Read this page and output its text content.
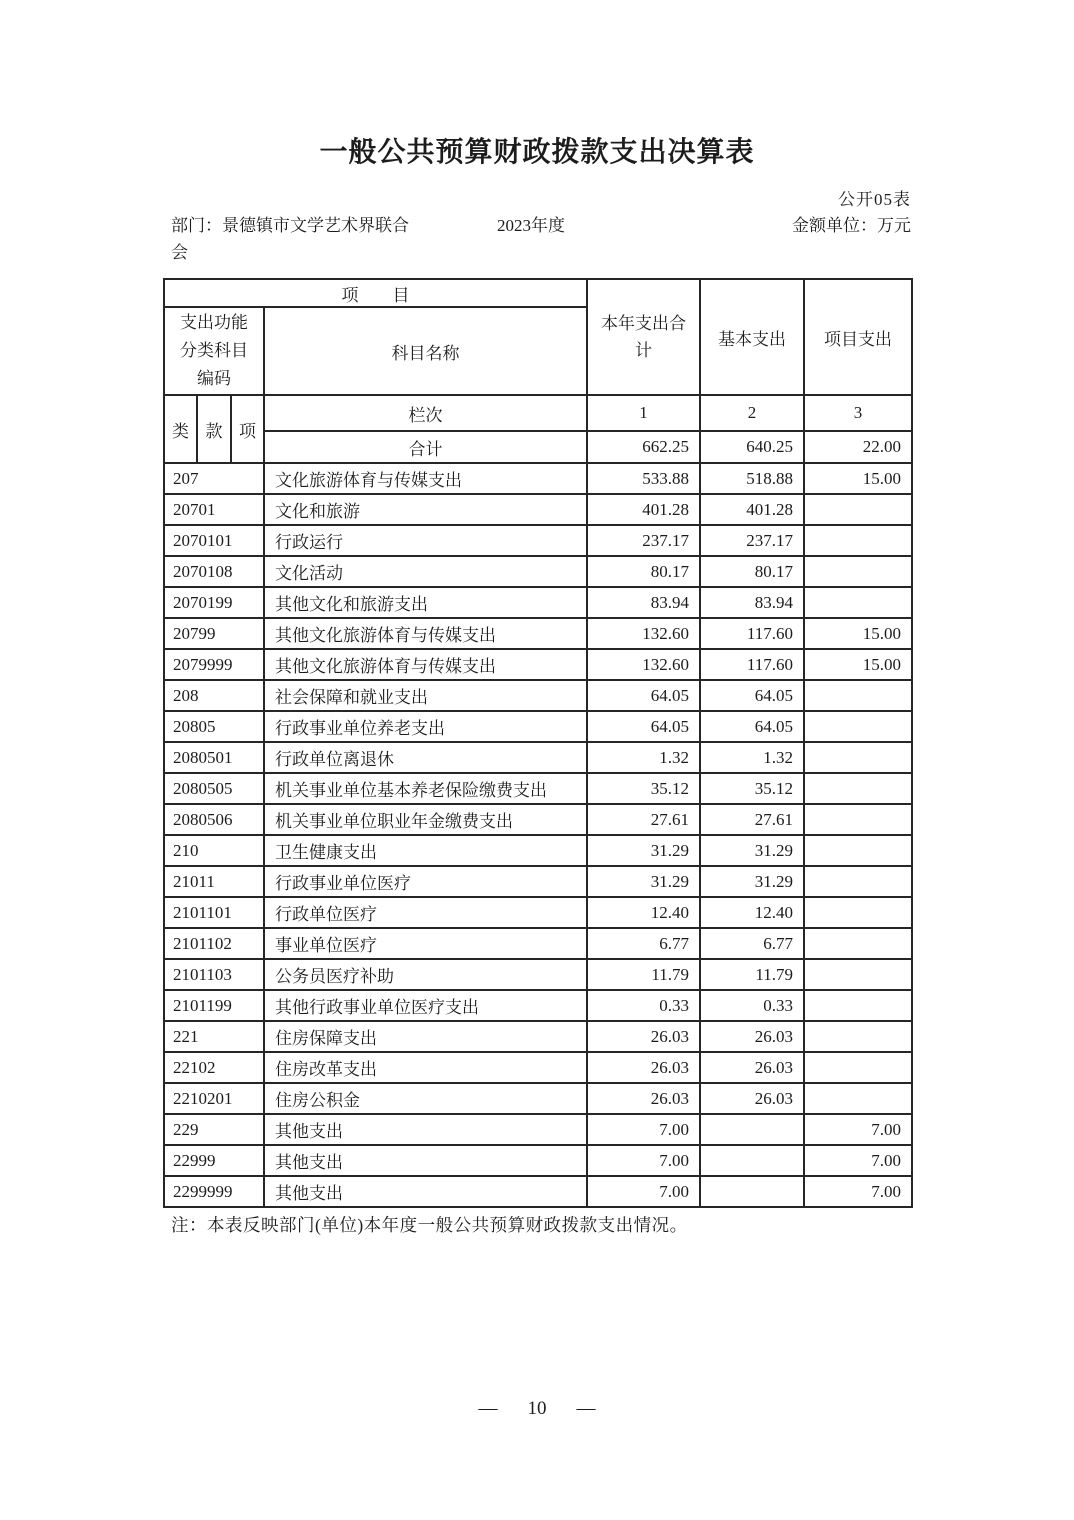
一般公共预算财政拨款支出决算表
公开05表
部门：景德镇市文学艺术界联合会
2023年度	金额单位：万元
项　　目				本年支出合计	基本支出	项目支出
支出功能分类科目编码			科目名称			
类	款	项	栏次	1	2	3
			合计	662.25	640.25	22.00
207			文化旅游体育与传媒支出	533.88	518.88	15.00
20701			文化和旅游	401.28	401.28	
2070101			行政运行	237.17	237.17	
2070108			文化活动	80.17	80.17	
2070199			其他文化和旅游支出	83.94	83.94	
20799			其他文化旅游体育与传媒支出	132.60	117.60	15.00
2079999			其他文化旅游体育与传媒支出	132.60	117.60	15.00
208			社会保障和就业支出	64.05	64.05	
20805			行政事业单位养老支出	64.05	64.05	
2080501			行政单位离退休	1.32	1.32	
2080505			机关事业单位基本养老保险缴费支出	35.12	35.12	
2080506			机关事业单位职业年金缴费支出	27.61	27.61	
210			卫生健康支出	31.29	31.29	
21011			行政事业单位医疗	31.29	31.29	
2101101			行政单位医疗	12.40	12.40	
2101102			事业单位医疗	6.77	6.77	
2101103			公务员医疗补助	11.79	11.79	
2101199			其他行政事业单位医疗支出	0.33	0.33	
221			住房保障支出	26.03	26.03	
22102			住房改革支出	26.03	26.03	
2210201			住房公积金	26.03	26.03	
229			其他支出	7.00		7.00
22999			其他支出	7.00		7.00
2299999			其他支出	7.00		7.00
注：本表反映部门(单位)本年度一般公共预算财政拨款支出情况。
— 10 —
